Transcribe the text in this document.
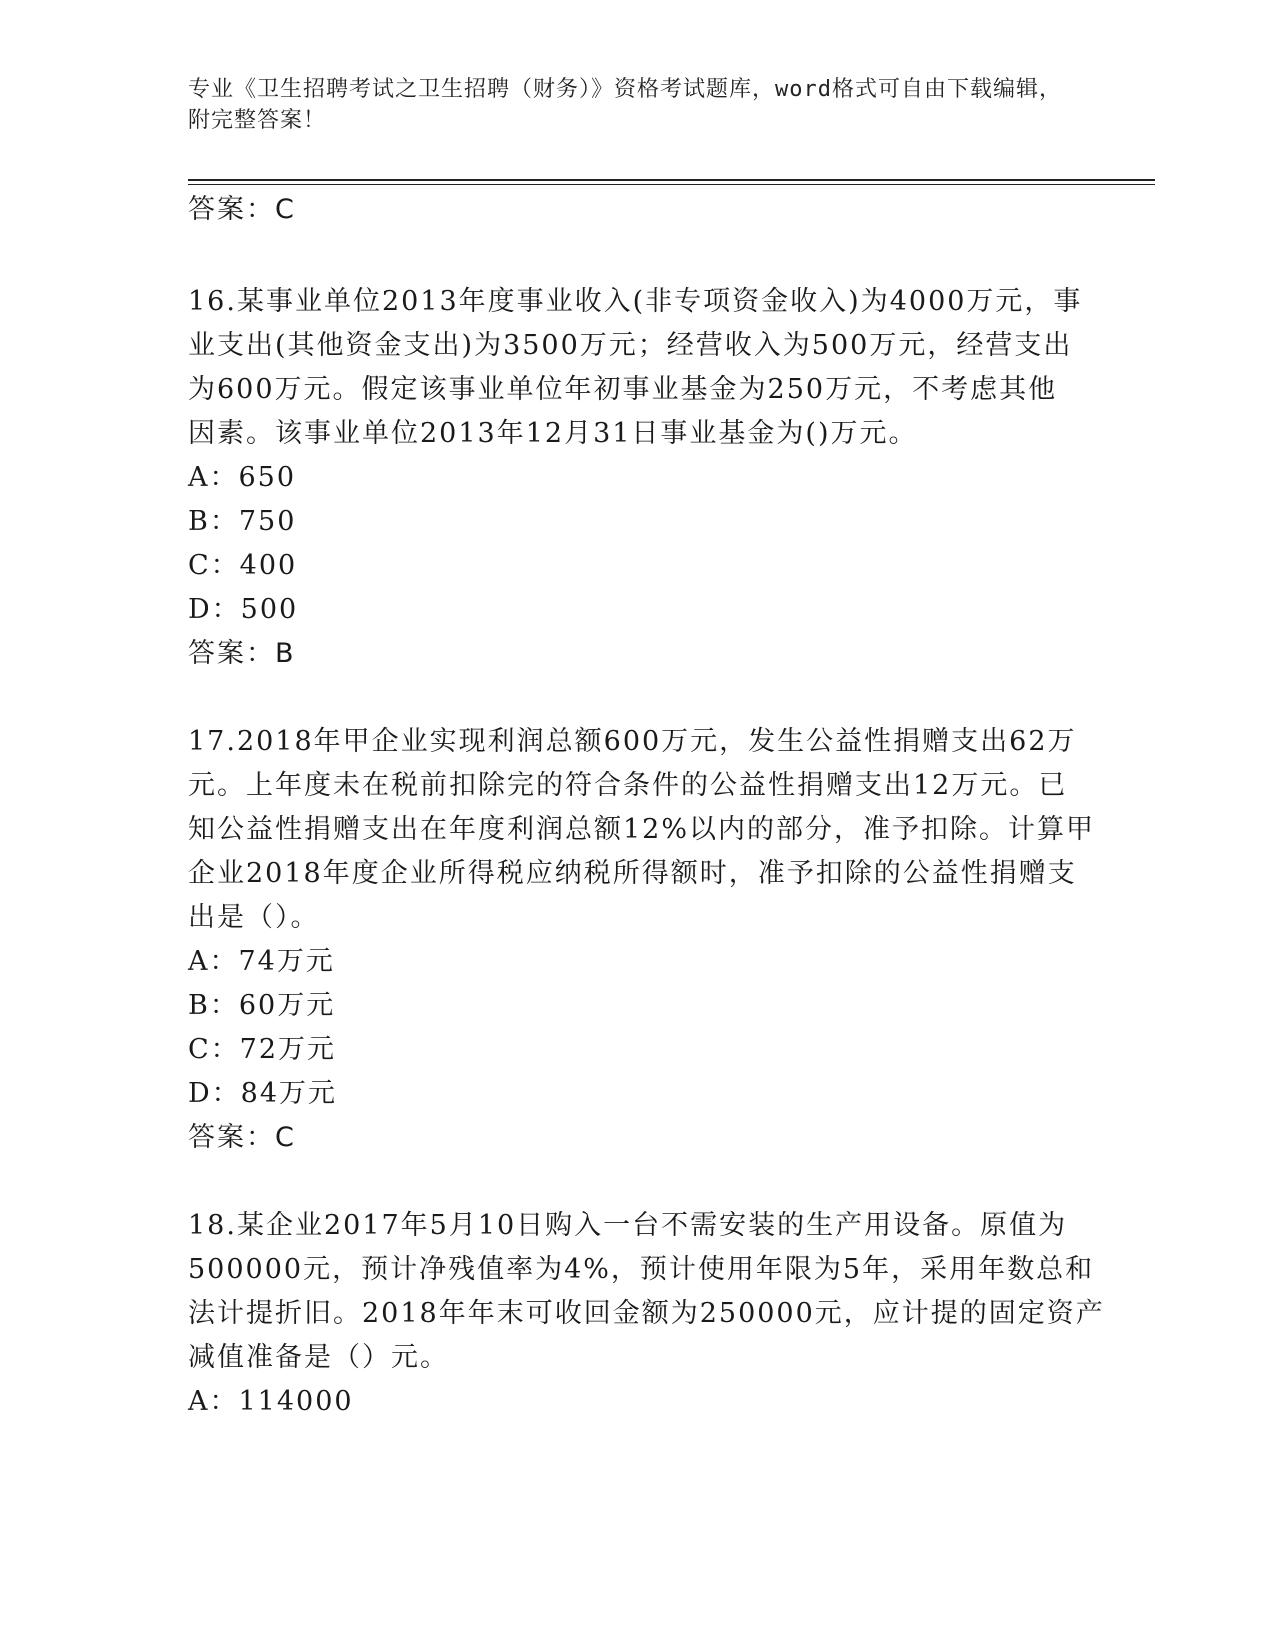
专业《卫生招聘考试之卫生招聘（财务）》资格考试题库，word格式可自由下载编辑，附完整答案！
答案：C
16.某事业单位2013年度事业收入(非专项资金收入)为4000万元，事
业支出(其他资金支出)为3500万元；经营收入为500万元，经营支出
为600万元。假定该事业单位年初事业基金为250万元，不考虑其他
因素。该事业单位2013年12月31日事业基金为()万元。
A：650
B：750
C：400
D：500
答案：B
17.2018年甲企业实现利润总额600万元，发生公益性捐赠支出62万
元。上年度未在税前扣除完的符合条件的公益性捐赠支出12万元。已
知公益性捐赠支出在年度利润总额12%以内的部分，准予扣除。计算甲
企业2018年度企业所得税应纳税所得额时，准予扣除的公益性捐赠支
出是（）。
A：74万元
B：60万元
C：72万元
D：84万元
答案：C
18.某企业2017年5月10日购入一台不需安装的生产用设备。原值为
500000元，预计净残值率为4%，预计使用年限为5年，采用年数总和
法计提折旧。2018年年末可收回金额为250000元，应计提的固定资产
减值准备是（）元。
A：114000
